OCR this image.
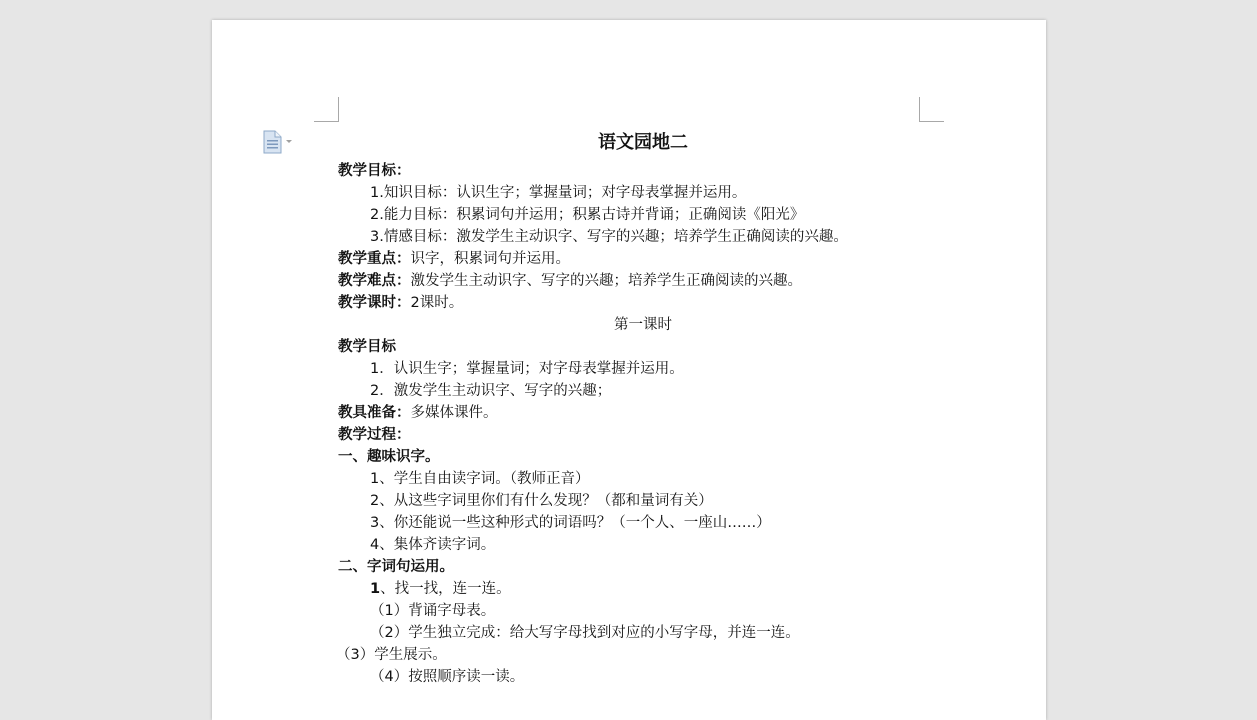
语文园地二
教学目标：
1.知识目标：认识生字；掌握量词；对字母表掌握并运用。
2.能力目标：积累词句并运用；积累古诗并背诵；正确阅读《阳光》
3.情感目标：激发学生主动识字、写字的兴趣；培养学生正确阅读的兴趣。
教学重点：识字，积累词句并运用。
教学难点：激发学生主动识字、写字的兴趣；培养学生正确阅读的兴趣。
教学课时：2课时。
第一课时
教学目标
1．认识生字；掌握量词；对字母表掌握并运用。
2．激发学生主动识字、写字的兴趣；
教具准备：多媒体课件。
教学过程：
一、趣味识字。
1、学生自由读字词。（教师正音）
2、从这些字词里你们有什么发现？（都和量词有关）
3、你还能说一些这种形式的词语吗？（一个人、一座山……）
4、集体齐读字词。
二、字词句运用。
1、找一找，连一连。
（1）背诵字母表。
（2）学生独立完成：给大写字母找到对应的小写字母，并连一连。
（3）学生展示。
（4）按照顺序读一读。
